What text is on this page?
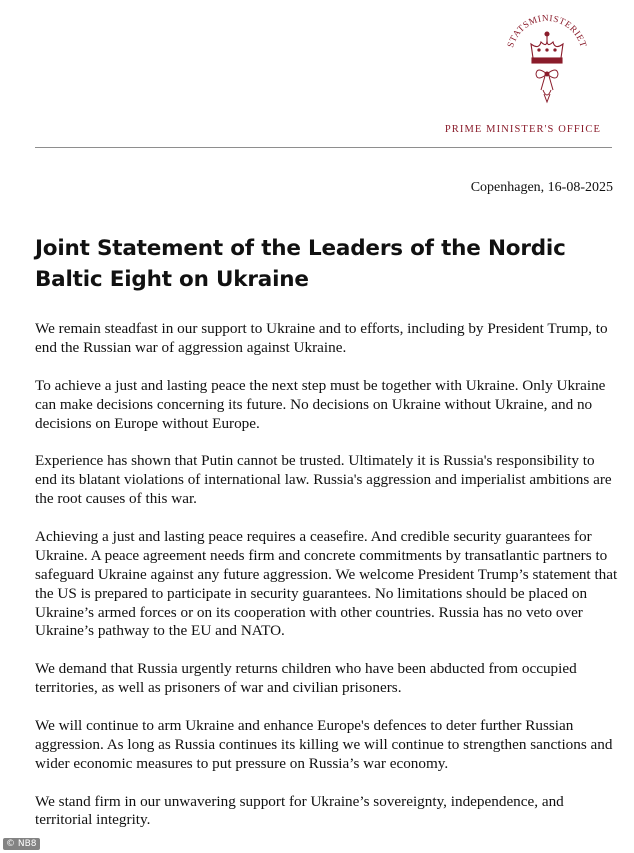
STATSMINISTERIET
PRIME MINISTER'S OFFICE
Copenhagen, 16-08-2025
Joint Statement of the Leaders of the Nordic
Baltic Eight on Ukraine

We remain steadfast in our support to Ukraine and to efforts, including by President Trump, to end the Russian war of aggression against Ukraine.

To achieve a just and lasting peace the next step must be together with Ukraine. Only Ukraine can make decisions concerning its future. No decisions on Ukraine without Ukraine, and no decisions on Europe without Europe.

Experience has shown that Putin cannot be trusted. Ultimately it is Russia's responsibility to end its blatant violations of international law. Russia's aggression and imperialist ambitions are the root causes of this war.

Achieving a just and lasting peace requires a ceasefire. And credible security guarantees for Ukraine. A peace agreement needs firm and concrete commitments by transatlantic partners to safeguard Ukraine against any future aggression. We welcome President Trump’s statement that the US is prepared to participate in security guarantees. No limitations should be placed on Ukraine’s armed forces or on its cooperation with other countries. Russia has no veto over Ukraine’s pathway to the EU and NATO.

We demand that Russia urgently returns children who have been abducted from occupied territories, as well as prisoners of war and civilian prisoners.

We will continue to arm Ukraine and enhance Europe's defences to deter further Russian aggression. As long as Russia continues its killing we will continue to strengthen sanctions and wider economic measures to put pressure on Russia’s war economy.

We stand firm in our unwavering support for Ukraine’s sovereignty, independence, and territorial integrity.

© NB8
